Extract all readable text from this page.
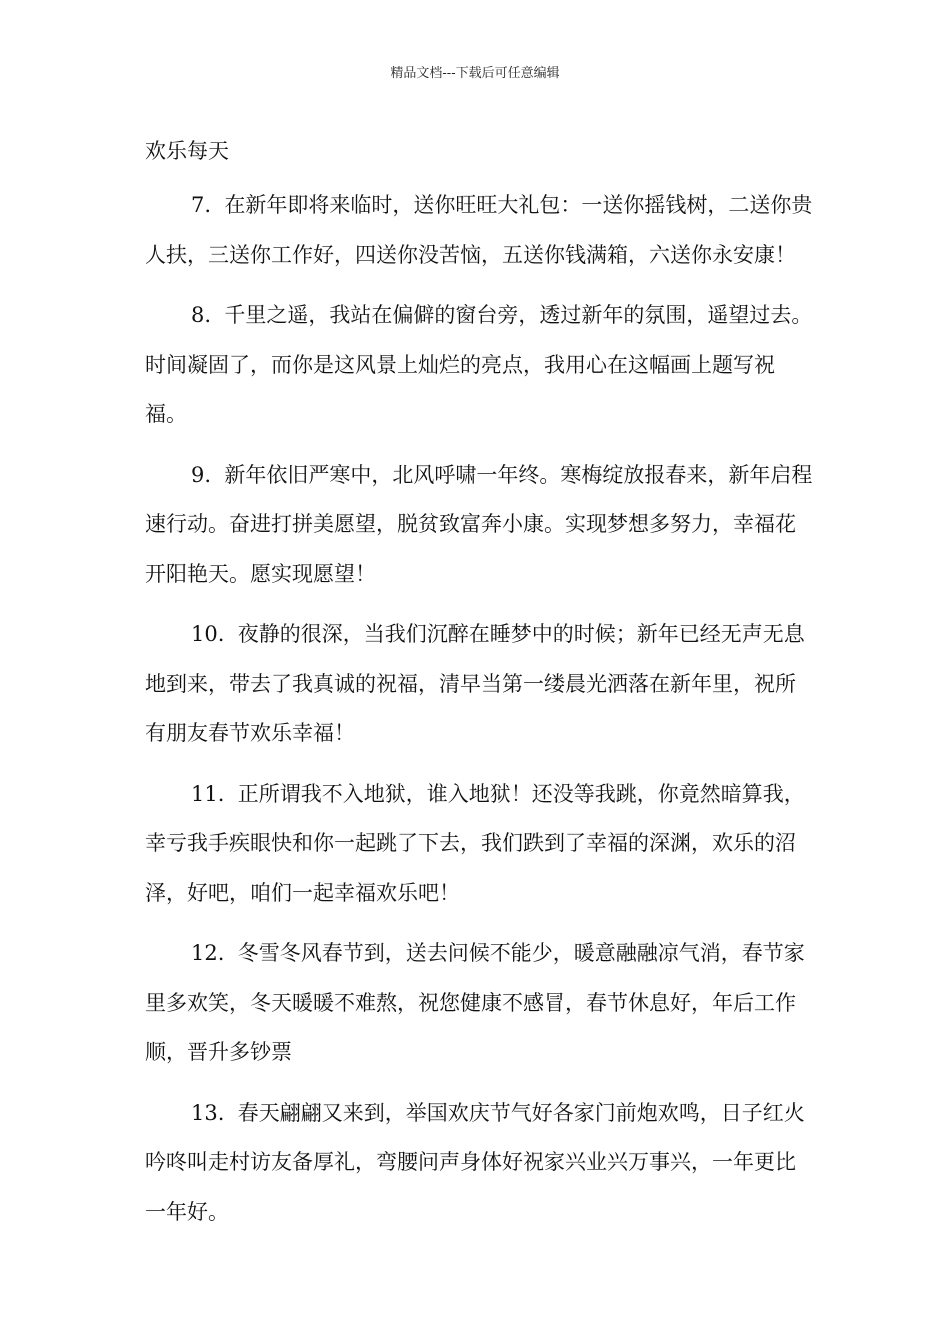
精品文档---下载后可任意编辑

欢乐每天

7. 在新年即将来临时，送你旺旺大礼包：一送你摇钱树，二送你贵人扶，三送你工作好，四送你没苦恼，五送你钱满箱，六送你永安康！

8. 千里之遥，我站在偏僻的窗台旁，透过新年的氛围，遥望过去。时间凝固了，而你是这风景上灿烂的亮点，我用心在这幅画上题写祝福。

9. 新年依旧严寒中，北风呼啸一年终。寒梅绽放报春来，新年启程速行动。奋进打拼美愿望，脱贫致富奔小康。实现梦想多努力，幸福花开阳艳天。愿实现愿望！

10. 夜静的很深，当我们沉醉在睡梦中的时候；新年已经无声无息地到来，带去了我真诚的祝福，清早当第一缕晨光洒落在新年里，祝所有朋友春节欢乐幸福！

11. 正所谓我不入地狱，谁入地狱！还没等我跳，你竟然暗算我，幸亏我手疾眼快和你一起跳了下去，我们跌到了幸福的深渊，欢乐的沼泽，好吧，咱们一起幸福欢乐吧！

12. 冬雪冬风春节到，送去问候不能少，暖意融融凉气消，春节家里多欢笑，冬天暖暖不难熬，祝您健康不感冒，春节休息好，年后工作顺，晋升多钞票

13. 春天翩翩又来到，举国欢庆节气好各家门前炮欢鸣，日子红火吟咚叫走村访友备厚礼，弯腰问声身体好祝家兴业兴万事兴，一年更比一年好。
